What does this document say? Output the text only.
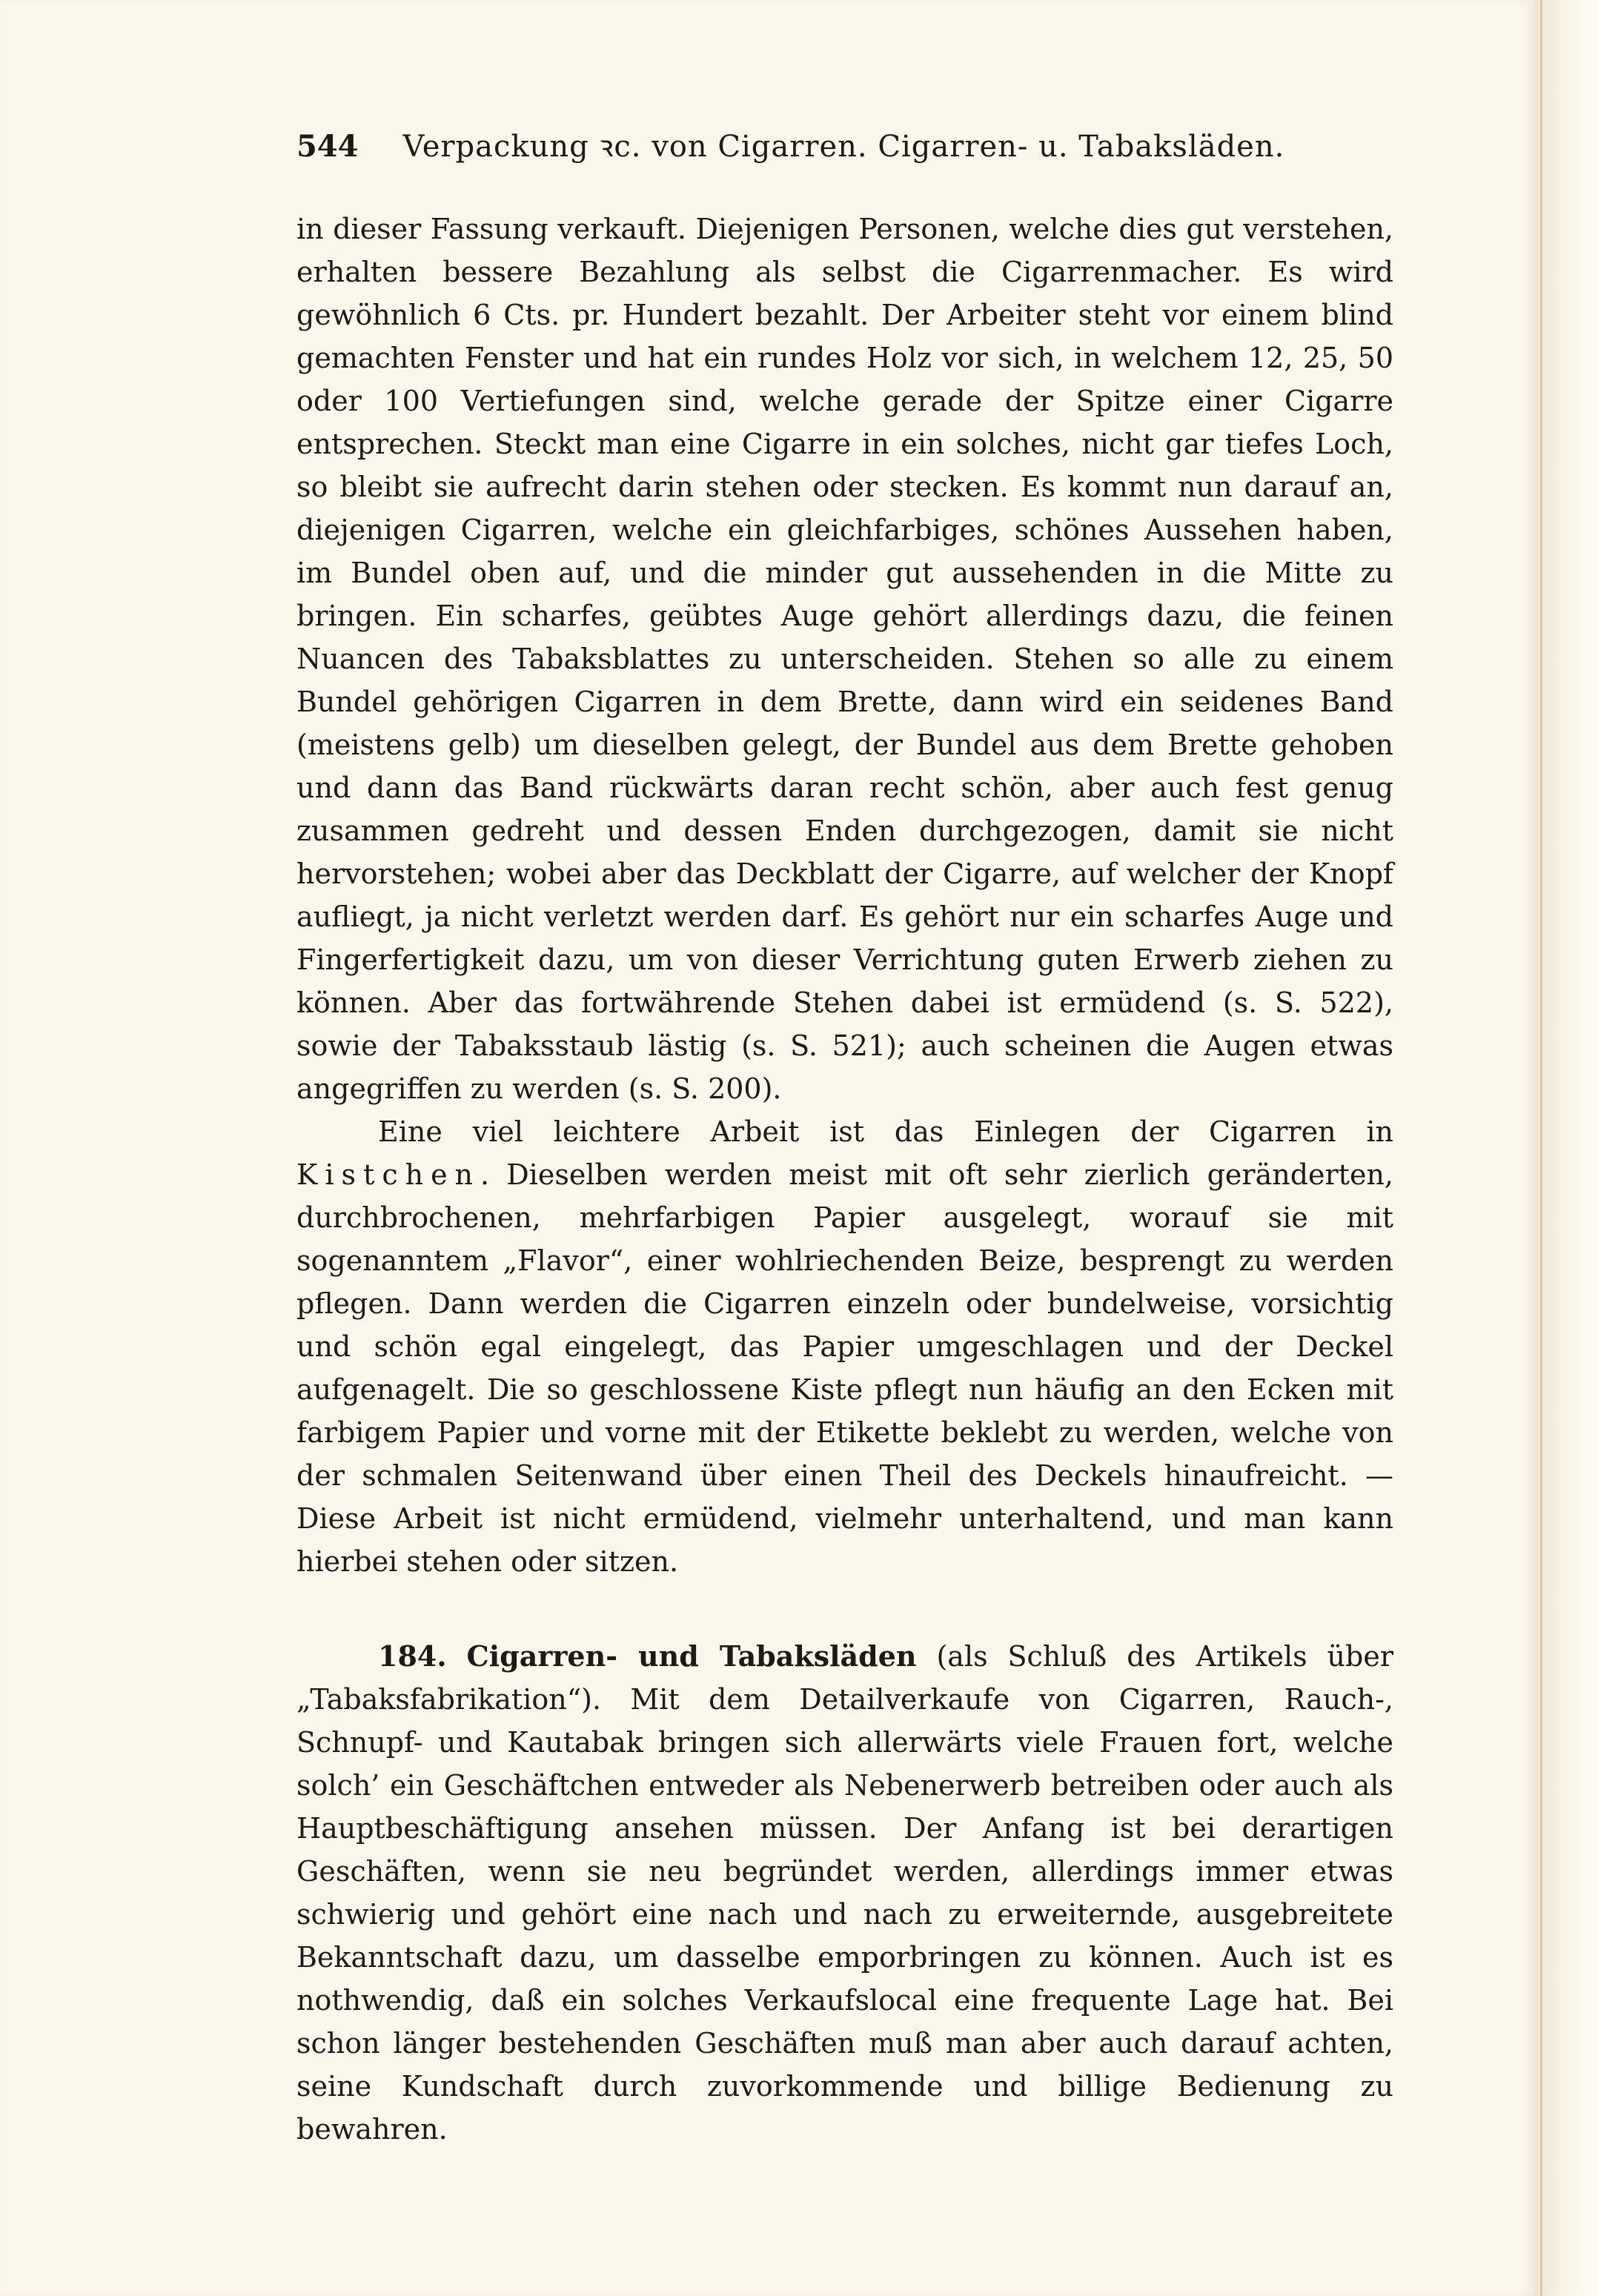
544 Verpackung ꝛc. von Cigarren. Cigarren- u. Tabaksläden.

in dieser Fassung verkauft. Diejenigen Personen, welche dies gut verstehen, erhalten bessere Bezahlung als selbst die Cigarrenmacher. Es wird gewöhnlich 6 Cts. pr. Hundert bezahlt. Der Arbeiter steht vor einem blind gemachten Fenster und hat ein rundes Holz vor sich, in welchem 12, 25, 50 oder 100 Vertiefungen sind, welche gerade der Spitze einer Cigarre entsprechen. Steckt man eine Cigarre in ein solches, nicht gar tiefes Loch, so bleibt sie aufrecht darin stehen oder stecken. Es kommt nun darauf an, diejenigen Cigarren, welche ein gleichfarbiges, schönes Aussehen haben, im Bundel oben auf, und die minder gut aussehenden in die Mitte zu bringen. Ein scharfes, geübtes Auge gehört allerdings dazu, die feinen Nuancen des Tabaksblattes zu unterscheiden. Stehen so alle zu einem Bundel gehörigen Cigarren in dem Brette, dann wird ein seidenes Band (meistens gelb) um dieselben gelegt, der Bundel aus dem Brette gehoben und dann das Band rückwärts daran recht schön, aber auch fest genug zusammen gedreht und dessen Enden durchgezogen, damit sie nicht hervorstehen; wobei aber das Deckblatt der Cigarre, auf welcher der Knopf aufliegt, ja nicht verletzt werden darf. Es gehört nur ein scharfes Auge und Fingerfertigkeit dazu, um von dieser Verrichtung guten Erwerb ziehen zu können. Aber das fortwährende Stehen dabei ist ermüdend (s. S. 522), sowie der Tabaksstaub lästig (s. S. 521); auch scheinen die Augen etwas angegriffen zu werden (s. S. 200).

Eine viel leichtere Arbeit ist das Einlegen der Cigarren in Kistchen. Dieselben werden meist mit oft sehr zierlich geränderten, durchbrochenen, mehrfarbigen Papier ausgelegt, worauf sie mit sogenanntem „Flavor“, einer wohlriechenden Beize, besprengt zu werden pflegen. Dann werden die Cigarren einzeln oder bundelweise, vorsichtig und schön egal eingelegt, das Papier umgeschlagen und der Deckel aufgenagelt. Die so geschlossene Kiste pflegt nun häufig an den Ecken mit farbigem Papier und vorne mit der Etikette beklebt zu werden, welche von der schmalen Seitenwand über einen Theil des Deckels hinaufreicht. — Diese Arbeit ist nicht ermüdend, vielmehr unterhaltend, und man kann hierbei stehen oder sitzen.

184. Cigarren- und Tabaksläden (als Schluß des Artikels über „Tabaksfabrikation“). Mit dem Detailverkaufe von Cigarren, Rauch-, Schnupf- und Kautabak bringen sich allerwärts viele Frauen fort, welche solch’ ein Geschäftchen entweder als Nebenerwerb betreiben oder auch als Hauptbeschäftigung ansehen müssen. Der Anfang ist bei derartigen Geschäften, wenn sie neu begründet werden, allerdings immer etwas schwierig und gehört eine nach und nach zu erweiternde, ausgebreitete Bekanntschaft dazu, um dasselbe emporbringen zu können. Auch ist es nothwendig, daß ein solches Verkaufslocal eine frequente Lage hat. Bei schon länger bestehenden Geschäften muß man aber auch darauf achten, seine Kundschaft durch zuvorkommende und billige Bedienung zu bewahren.
